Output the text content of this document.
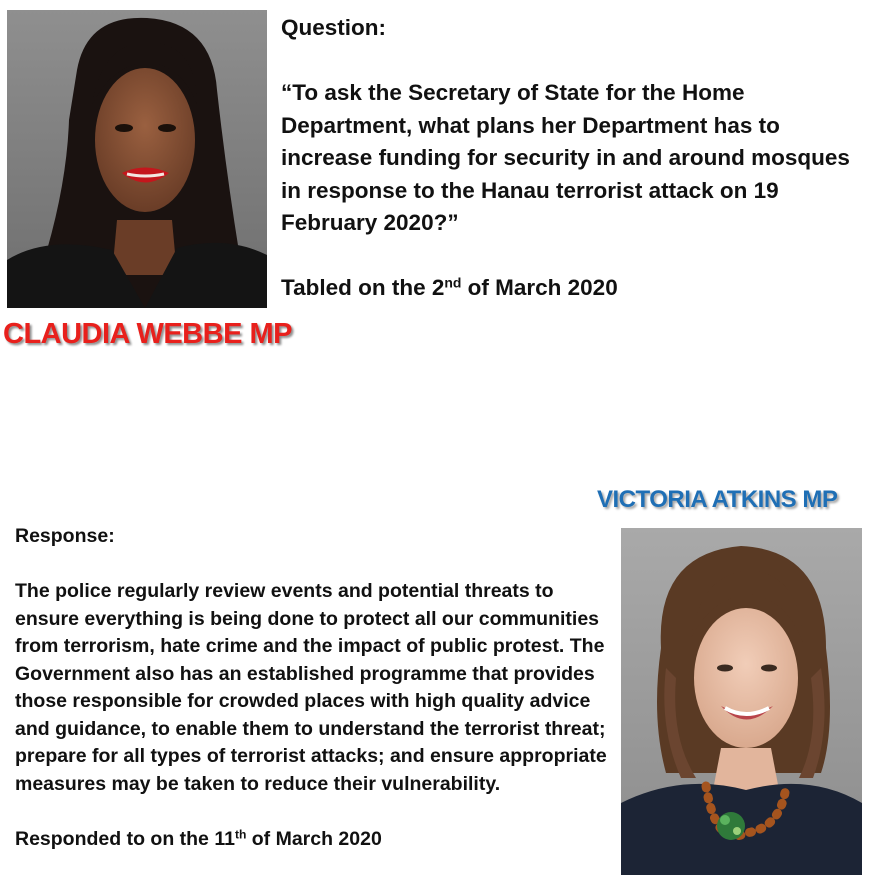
CLAUDIA WEBBE MP

Question:

“To ask the Secretary of State for the Home Department, what plans her Department has to increase funding for security in and around mosques in response to the Hanau terrorist attack on 19 February 2020?”

Tabled on the 2nd of March 2020

VICTORIA ATKINS MP

Response:

The police regularly review events and potential threats to ensure everything is being done to protect all our communities from terrorism, hate crime and the impact of public protest. The Government also has an established programme that provides those responsible for crowded places with high quality advice and guidance, to enable them to understand the terrorist threat; prepare for all types of terrorist attacks; and ensure appropriate measures may be taken to reduce their vulnerability.

Responded to on the 11th of March 2020
